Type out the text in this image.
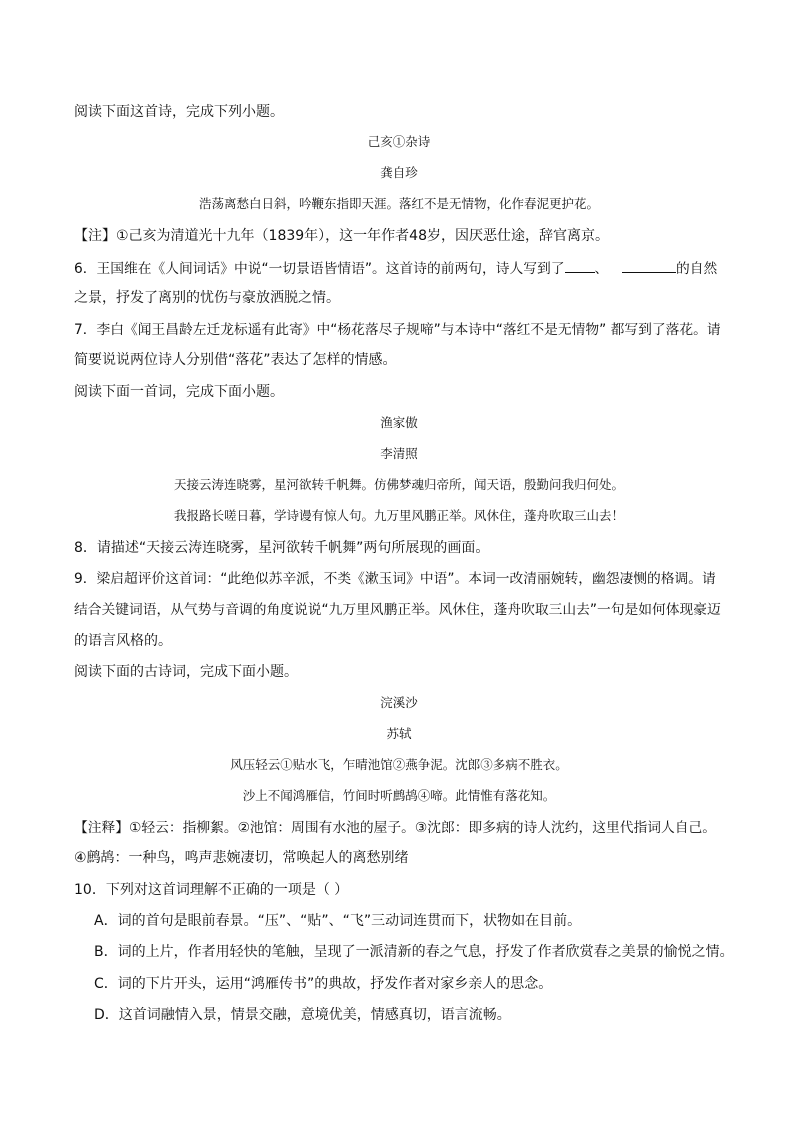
阅读下面这首诗，完成下列小题。
己亥①杂诗
龚自珍
浩荡离愁白日斜，吟鞭东指即天涯。落红不是无情物，化作春泥更护花。
【注】①己亥为清道光十九年（1839年），这一年作者48岁，因厌恶仕途，辞官离京。
6．王国维在《人间词话》中说“一切景语皆情语”。这首诗的前两句，诗人写到了 、 	的自然
之景，抒发了离别的忧伤与豪放洒脱之情。
7．李白《闻王昌龄左迁龙标遥有此寄》中“杨花落尽子规啼”与本诗中“落红不是无情物” 都写到了落花。请
简要说说两位诗人分别借“落花”表达了怎样的情感。
阅读下面一首词，完成下面小题。
渔家傲
李清照
天接云涛连晓雾，星河欲转千帆舞。仿佛梦魂归帝所，闻天语，殷勤问我归何处。
我报路长嗟日暮，学诗谩有惊人句。九万里风鹏正举。风休住，蓬舟吹取三山去！
8．请描述“天接云涛连晓雾，星河欲转千帆舞”两句所展现的画面。
9．梁启超评价这首词：“此绝似苏辛派，不类《漱玉词》中语”。本词一改清丽婉转，幽怨凄恻的格调。请
结合关键词语，从气势与音调的角度说说“九万里风鹏正举。风休住，蓬舟吹取三山去”一句是如何体现豪迈
的语言风格的。
阅读下面的古诗词，完成下面小题。
浣溪沙
苏轼
风压轻云①贴水飞，乍晴池馆②燕争泥。沈郎③多病不胜衣。
沙上不闻鸿雁信，竹间时听鹧鸪④啼。此情惟有落花知。
【注释】①轻云：指柳絮。②池馆：周围有水池的屋子。③沈郎：即多病的诗人沈约，这里代指词人自己。
④鹧鸪：一种鸟，鸣声悲婉凄切，常唤起人的离愁别绪
10．下列对这首词理解不正确的一项是（ ）
A．词的首句是眼前春景。“压”、“贴”、“飞”三动词连贯而下，状物如在目前。
B．词的上片，作者用轻快的笔触，呈现了一派清新的春之气息，抒发了作者欣赏春之美景的愉悦之情。
C．词的下片开头，运用“鸿雁传书”的典故，抒发作者对家乡亲人的思念。
D．这首词融情入景，情景交融，意境优美，情感真切，语言流畅。
